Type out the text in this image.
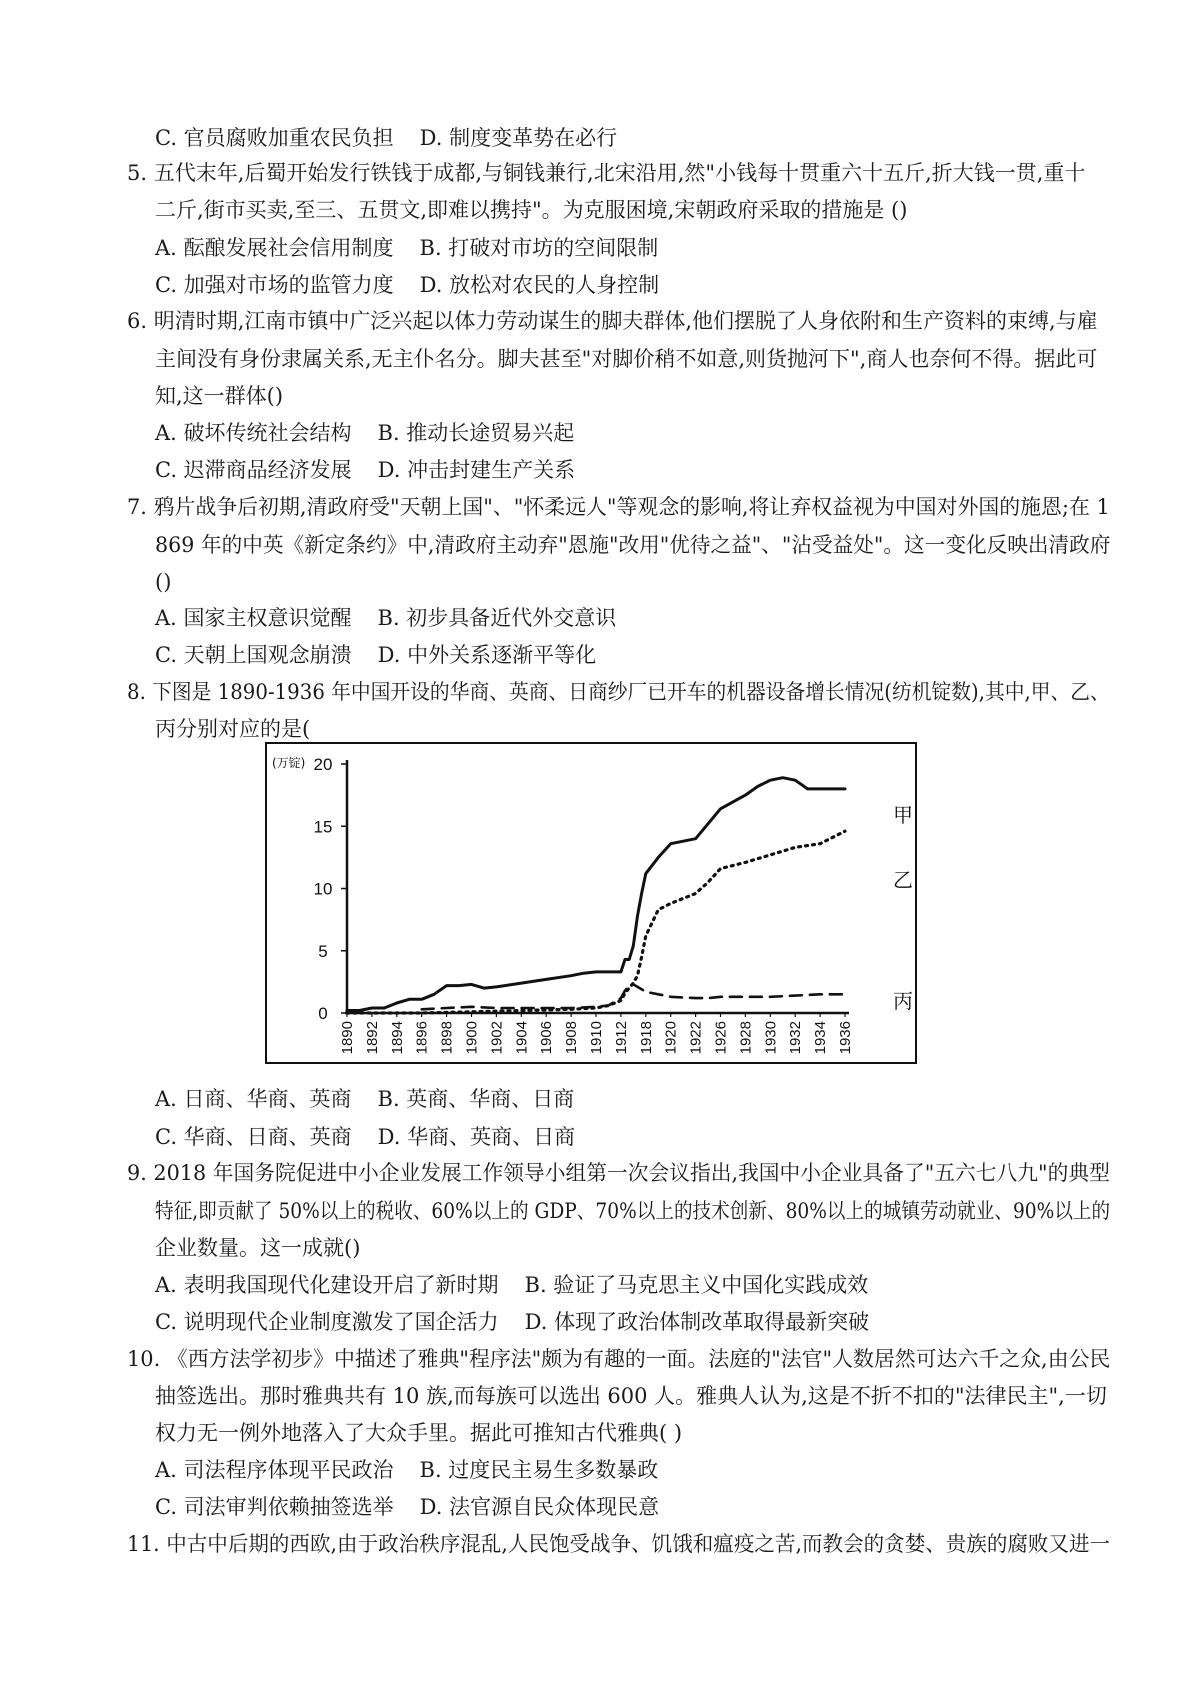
C. 官员腐败加重农民负担 D. 制度变革势在必行
5. 五代末年,后蜀开始发行铁钱于成都,与铜钱兼行,北宋沿用,然"小钱每十贯重六十五斤,折大钱一贯,重十
二斤,街市买卖,至三、五贯文,即难以携持"。为克服困境,宋朝政府采取的措施是 ()
A. 酝酿发展社会信用制度 B. 打破对市坊的空间限制
C. 加强对市场的监管力度 D. 放松对农民的人身控制
6. 明清时期,江南市镇中广泛兴起以体力劳动谋生的脚夫群体,他们摆脱了人身依附和生产资料的束缚,与雇
主间没有身份隶属关系,无主仆名分。脚夫甚至"对脚价稍不如意,则货抛河下",商人也奈何不得。据此可
知,这一群体()
A. 破坏传统社会结构 B. 推动长途贸易兴起
C. 迟滞商品经济发展 D. 冲击封建生产关系
7. 鸦片战争后初期,清政府受"天朝上国"、"怀柔远人"等观念的影响,将让弃权益视为中国对外国的施恩;在 1
869 年的中英《新定条约》中,清政府主动弃"恩施"改用"优待之益"、"沾受益处"。这一变化反映出清政府
()
A. 国家主权意识觉醒 B. 初步具备近代外交意识
C. 天朝上国观念崩溃 D. 中外关系逐渐平等化
8. 下图是 1890-1936 年中国开设的华商、英商、日商纱厂已开车的机器设备增长情况(纺机锭数),其中,甲、乙、
丙分别对应的是(
(万锭) 20
15
10
5
0
1890 1892 1894 1896 1898 1900 1902 1904 1906 1908 1910 1912 1918 1920 1922 1926 1928 1930 1932 1934 1936
甲
乙
丙
A. 日商、华商、英商 B. 英商、华商、日商
C. 华商、日商、英商 D. 华商、英商、日商
9. 2018 年国务院促进中小企业发展工作领导小组第一次会议指出,我国中小企业具备了"五六七八九"的典型
特征,即贡献了 50%以上的税收、60%以上的 GDP、70%以上的技术创新、80%以上的城镇劳动就业、90%以上的
企业数量。这一成就()
A. 表明我国现代化建设开启了新时期 B. 验证了马克思主义中国化实践成效
C. 说明现代企业制度激发了国企活力 D. 体现了政治体制改革取得最新突破
10. 《西方法学初步》中描述了雅典"程序法"颇为有趣的一面。法庭的"法官"人数居然可达六千之众,由公民
抽签选出。那时雅典共有 10 族,而每族可以选出 600 人。雅典人认为,这是不折不扣的"法律民主",一切
权力无一例外地落入了大众手里。据此可推知古代雅典( )
A. 司法程序体现平民政治 B. 过度民主易生多数暴政
C. 司法审判依赖抽签选举 D. 法官源自民众体现民意
11. 中古中后期的西欧,由于政治秩序混乱,人民饱受战争、饥饿和瘟疫之苦,而教会的贪婪、贵族的腐败又进一
